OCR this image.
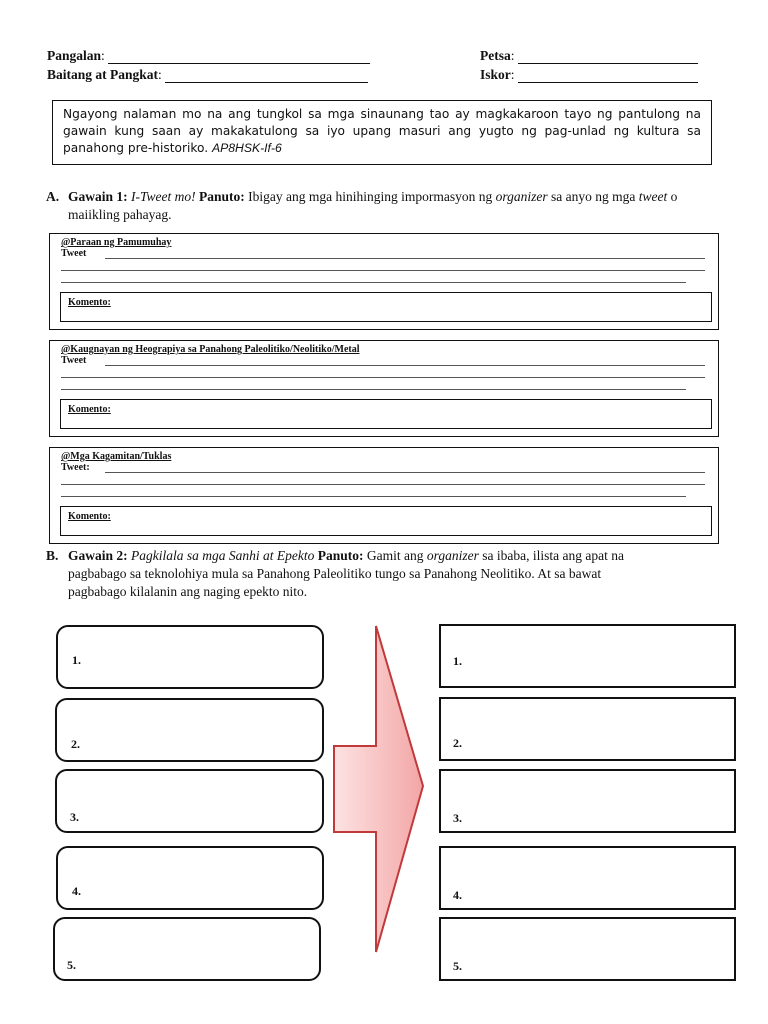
Pangalan:
Baitang at Pangkat:
Petsa:
Iskor:
Ngayong nalaman mo na ang tungkol sa mga sinaunang tao ay magkakaroon tayo ng pantulong na gawain kung saan ay makakatulong sa iyo upang masuri ang yugto ng pag-unlad ng kultura sa panahong pre-historiko. AP8HSK-If-6
A. Gawain 1: I-Tweet mo! Panuto: Ibigay ang mga hinihinging impormasyon ng organizer sa anyo ng mga tweet o maiikling pahayag.
@Paraan ng Pamumuhay
Tweet
Komento:
@Kaugnayan ng Heograpiya sa Panahong Paleolitiko/Neolitiko/Metal
Tweet
Komento:
@Mga Kagamitan/Tuklas
Tweet:
Komento:
B. Gawain 2: Pagkilala sa mga Sanhi at Epekto Panuto: Gamit ang organizer sa ibaba, ilista ang apat na
pagbabago sa teknolohiya mula sa Panahong Paleolitiko tungo sa Panahong Neolitiko. At sa bawat
pagbabago kilalanin ang naging epekto nito.
1.
2.
3.
4.
5.
1.
2.
3.
4.
5.
